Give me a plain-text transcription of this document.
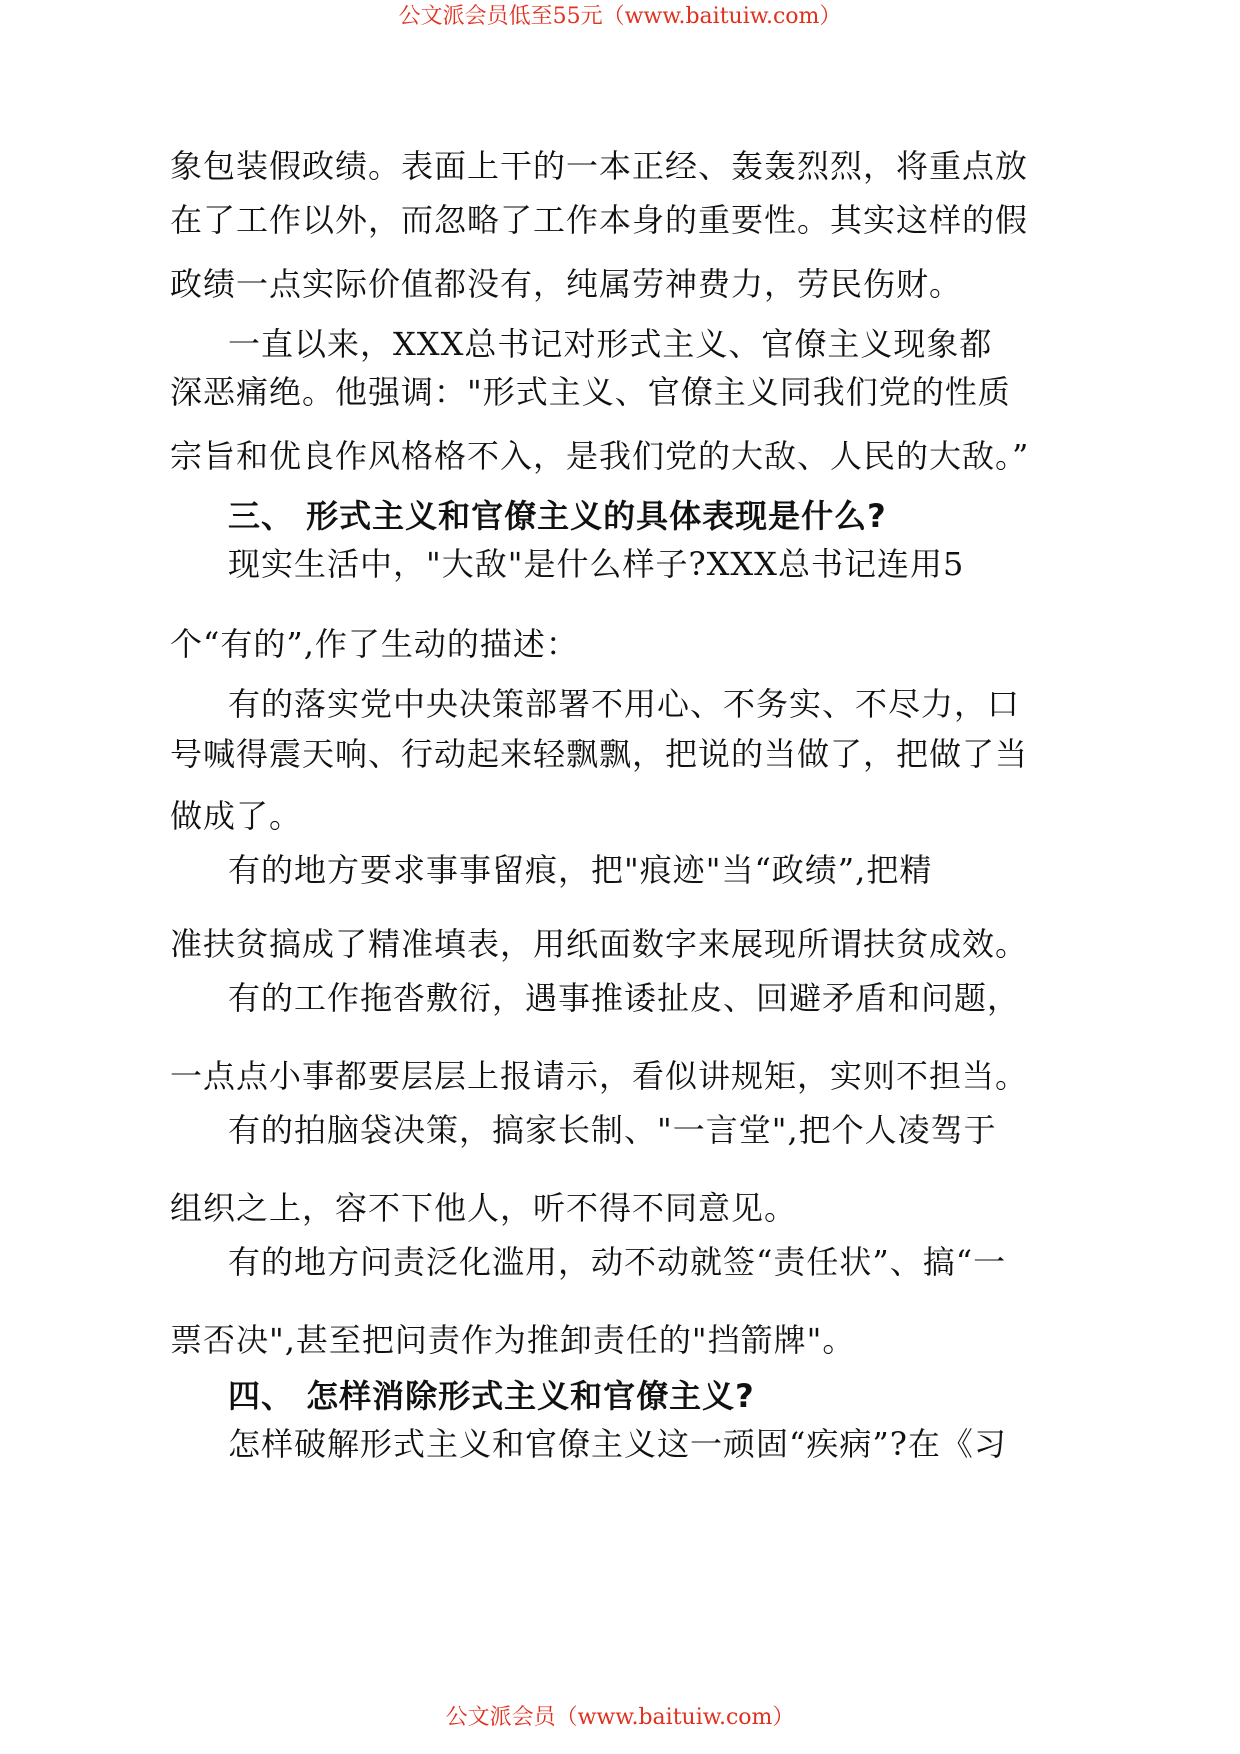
公文派会员低至55元（www.baituiw.com）
象包装假政绩。表面上干的一本正经、轰轰烈烈，将重点放
在了工作以外，而忽略了工作本身的重要性。其实这样的假
政绩一点实际价值都没有，纯属劳神费力，劳民伤财。
一直以来，XXX总书记对形式主义、官僚主义现象都
深恶痛绝。他强调："形式主义、官僚主义同我们党的性质
宗旨和优良作风格格不入，是我们党的大敌、人民的大敌。”
三、 形式主义和官僚主义的具体表现是什么?
现实生活中，"大敌"是什么样子?XXX总书记连用5
个“有的”,作了生动的描述：
有的落实党中央决策部署不用心、不务实、不尽力，口
号喊得震天响、行动起来轻飘飘，把说的当做了，把做了当
做成了。
有的地方要求事事留痕，把"痕迹"当“政绩”,把精
准扶贫搞成了精准填表，用纸面数字来展现所谓扶贫成效。
有的工作拖沓敷衍，遇事推诿扯皮、回避矛盾和问题，
一点点小事都要层层上报请示，看似讲规矩，实则不担当。
有的拍脑袋决策，搞家长制、"一言堂",把个人凌驾于
组织之上，容不下他人，听不得不同意见。
有的地方问责泛化滥用，动不动就签“责任状”、搞“一
票否决",甚至把问责作为推卸责任的"挡箭牌"。
四、 怎样消除形式主义和官僚主义?
怎样破解形式主义和官僚主义这一顽固“疾病”?在《习
公文派会员（www.baituiw.com）
